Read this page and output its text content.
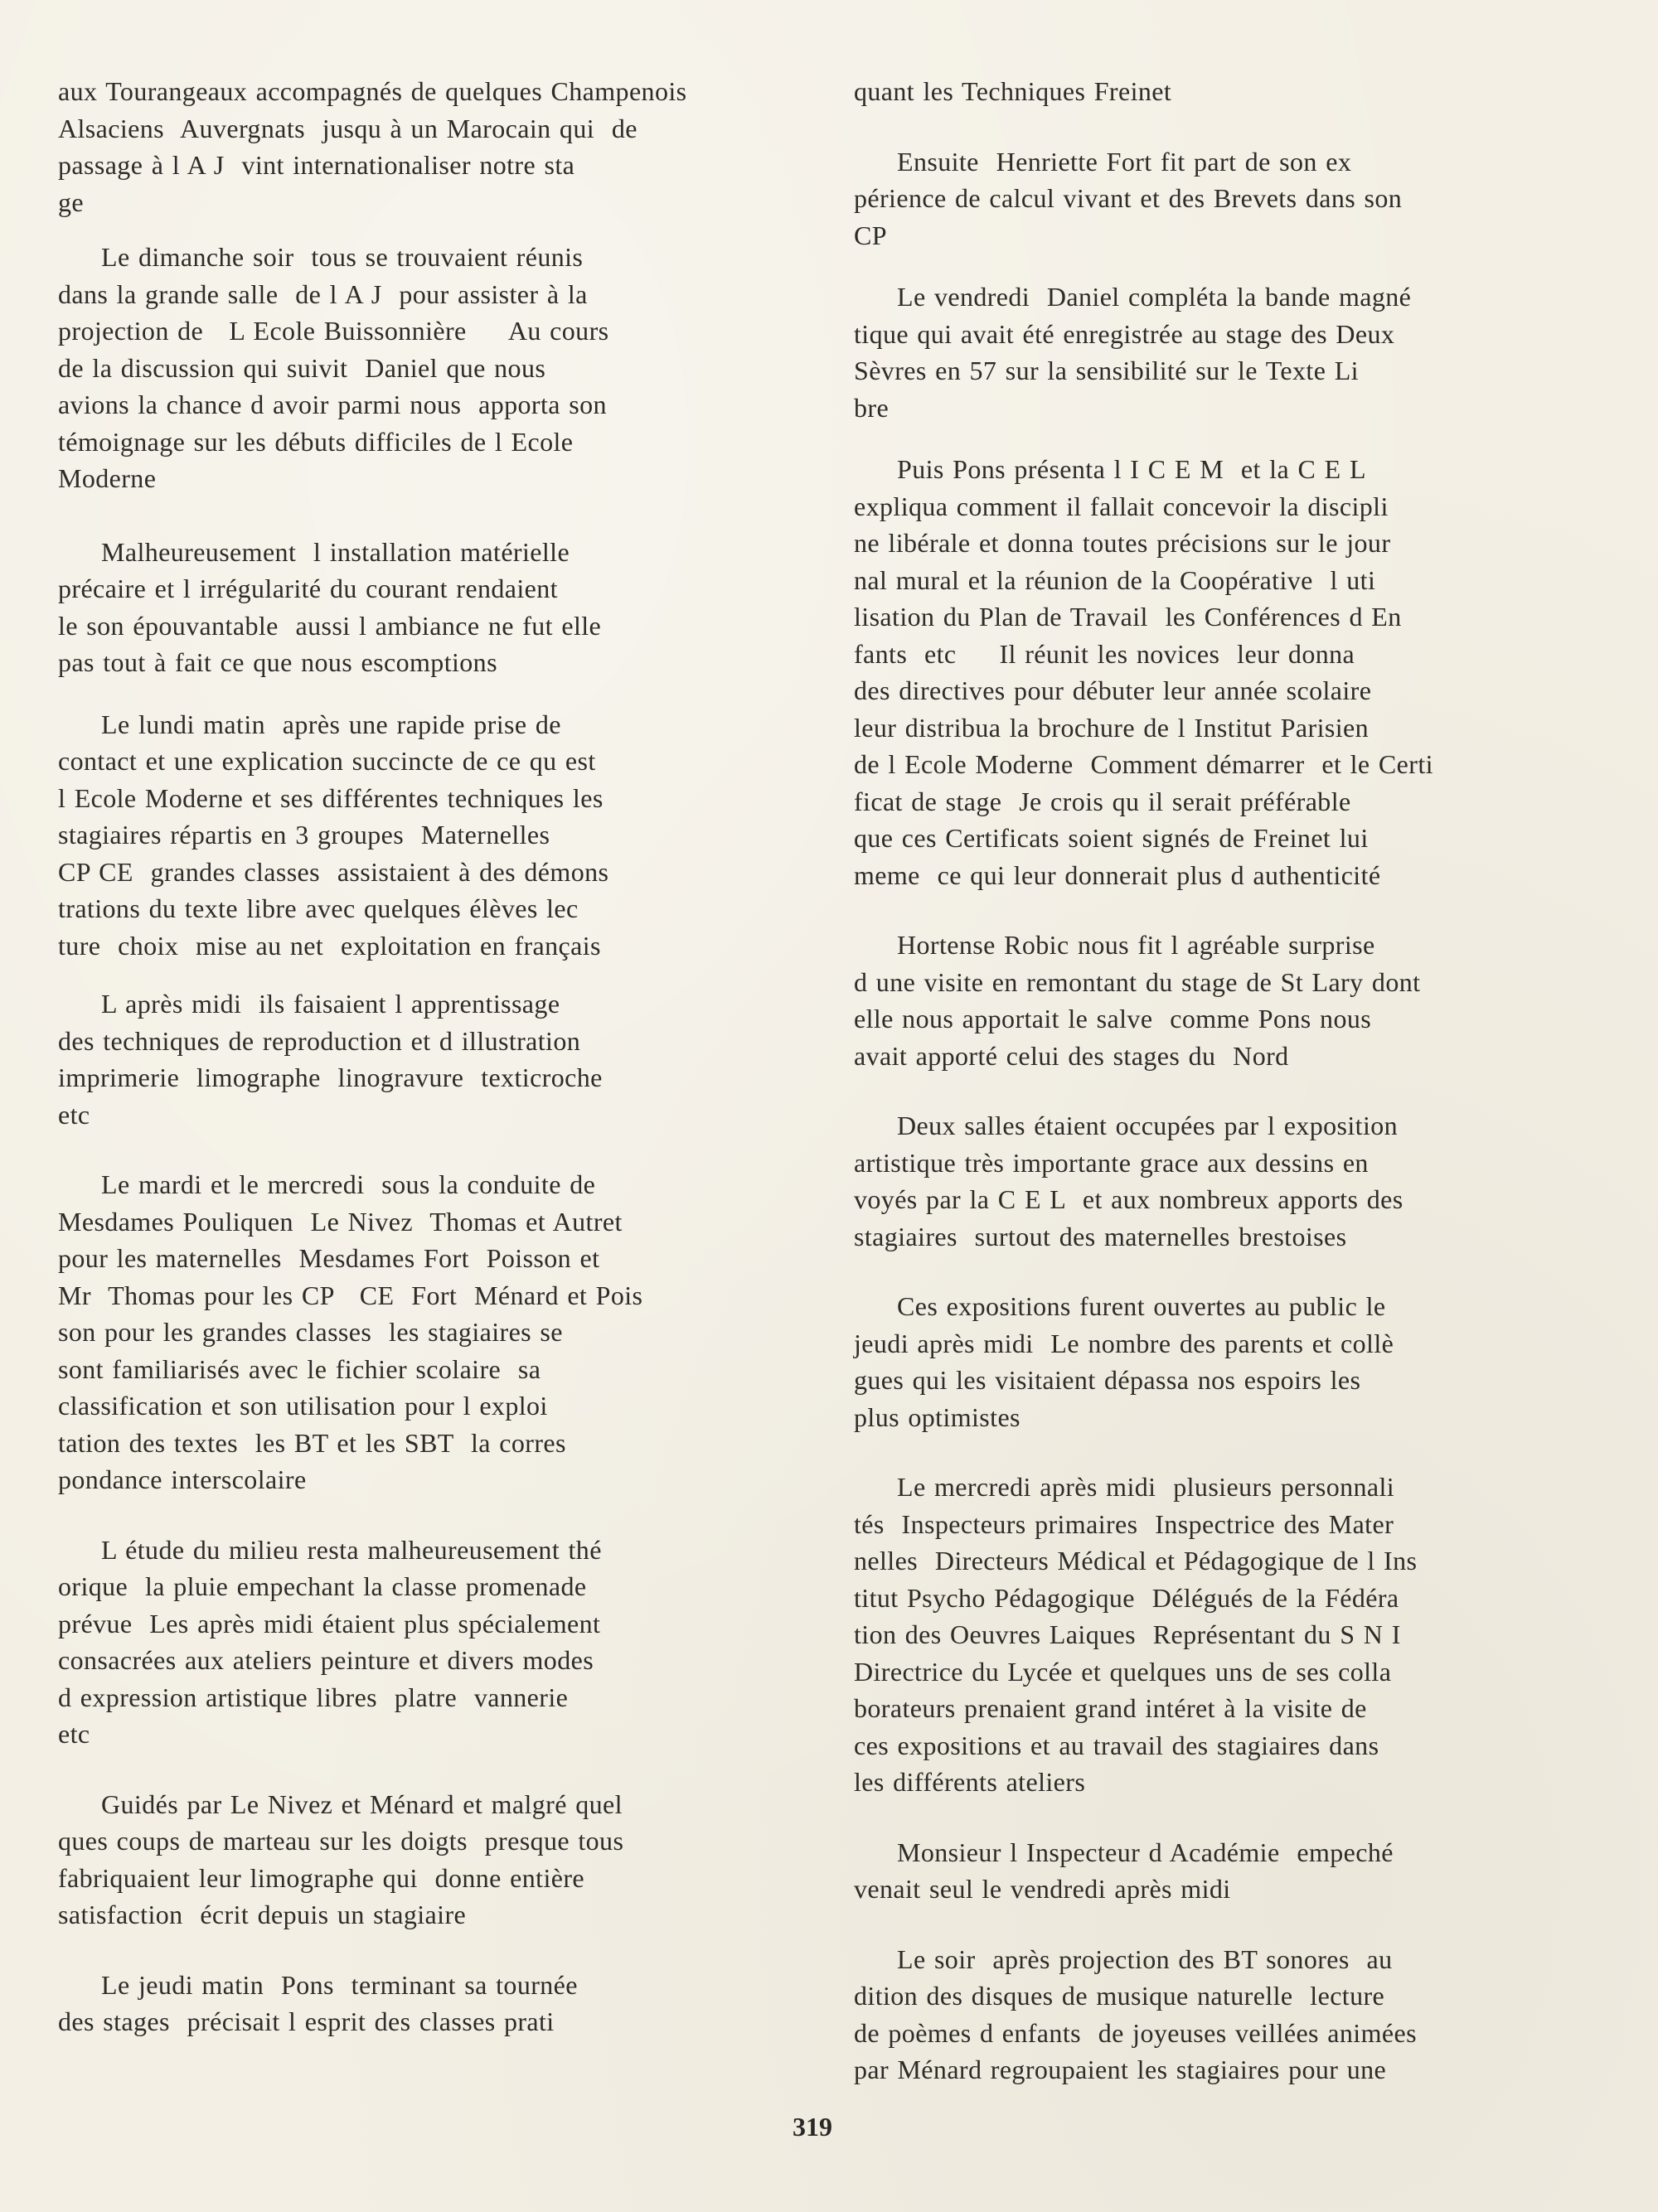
aux Tourangeaux accompagnés de quelques Champenois
Alsaciens  Auvergnats  jusqu à un Marocain qui  de
passage à l A J  vint internationaliser notre sta
ge

Le dimanche soir  tous se trouvaient réunis
dans la grande salle  de l A J  pour assister à la
projection de   L Ecole Buissonnière     Au cours
de la discussion qui suivit  Daniel que nous
avions la chance d avoir parmi nous  apporta son
témoignage sur les débuts difficiles de l Ecole
Moderne

Malheureusement  l installation matérielle
précaire et l irrégularité du courant rendaient
le son épouvantable  aussi l ambiance ne fut elle
pas tout à fait ce que nous escomptions

Le lundi matin  après une rapide prise de
contact et une explication succincte de ce qu est
l Ecole Moderne et ses différentes techniques les
stagiaires répartis en 3 groupes  Maternelles
CP CE  grandes classes  assistaient à des démons
trations du texte libre avec quelques élèves lec
ture  choix  mise au net  exploitation en français

L après midi  ils faisaient l apprentissage
des techniques de reproduction et d illustration
imprimerie  limographe  linogravure  texticroche
etc

Le mardi et le mercredi  sous la conduite de
Mesdames Pouliquen  Le Nivez  Thomas et Autret
pour les maternelles  Mesdames Fort  Poisson et
Mr  Thomas pour les CP   CE  Fort  Ménard et Pois
son pour les grandes classes  les stagiaires se
sont familiarisés avec le fichier scolaire  sa
classification et son utilisation pour l exploi
tation des textes  les BT et les SBT  la corres
pondance interscolaire

L étude du milieu resta malheureusement thé
orique  la pluie empechant la classe promenade
prévue  Les après midi étaient plus spécialement
consacrées aux ateliers peinture et divers modes
d expression artistique libres  platre  vannerie
etc

Guidés par Le Nivez et Ménard et malgré quel
ques coups de marteau sur les doigts  presque tous
fabriquaient leur limographe qui  donne entière
satisfaction  écrit depuis un stagiaire

Le jeudi matin  Pons  terminant sa tournée
des stages  précisait l esprit des classes prati

quant les Techniques Freinet

Ensuite  Henriette Fort fit part de son ex
périence de calcul vivant et des Brevets dans son
CP

Le vendredi  Daniel compléta la bande magné
tique qui avait été enregistrée au stage des Deux
Sèvres en 57 sur la sensibilité sur le Texte Li
bre

Puis Pons présenta l I C E M  et la C E L
expliqua comment il fallait concevoir la discipli
ne libérale et donna toutes précisions sur le jour
nal mural et la réunion de la Coopérative  l uti
lisation du Plan de Travail  les Conférences d En
fants  etc     Il réunit les novices  leur donna
des directives pour débuter leur année scolaire
leur distribua la brochure de l Institut Parisien
de l Ecole Moderne  Comment démarrer  et le Certi
ficat de stage  Je crois qu il serait préférable
que ces Certificats soient signés de Freinet lui
meme  ce qui leur donnerait plus d authenticité

Hortense Robic nous fit l agréable surprise
d une visite en remontant du stage de St Lary dont
elle nous apportait le salve  comme Pons nous
avait apporté celui des stages du  Nord

Deux salles étaient occupées par l exposition
artistique très importante grace aux dessins en
voyés par la C E L  et aux nombreux apports des
stagiaires  surtout des maternelles brestoises

Ces expositions furent ouvertes au public le
jeudi après midi  Le nombre des parents et collè
gues qui les visitaient dépassa nos espoirs les
plus optimistes

Le mercredi après midi  plusieurs personnali
tés  Inspecteurs primaires  Inspectrice des Mater
nelles  Directeurs Médical et Pédagogique de l Ins
titut Psycho Pédagogique  Délégués de la Fédéra
tion des Oeuvres Laiques  Représentant du S N I
Directrice du Lycée et quelques uns de ses colla
borateurs prenaient grand intéret à la visite de
ces expositions et au travail des stagiaires dans
les différents ateliers

Monsieur l Inspecteur d Académie  empeché
venait seul le vendredi après midi

Le soir  après projection des BT sonores  au
dition des disques de musique naturelle  lecture
de poèmes d enfants  de joyeuses veillées animées
par Ménard regroupaient les stagiaires pour une

319
